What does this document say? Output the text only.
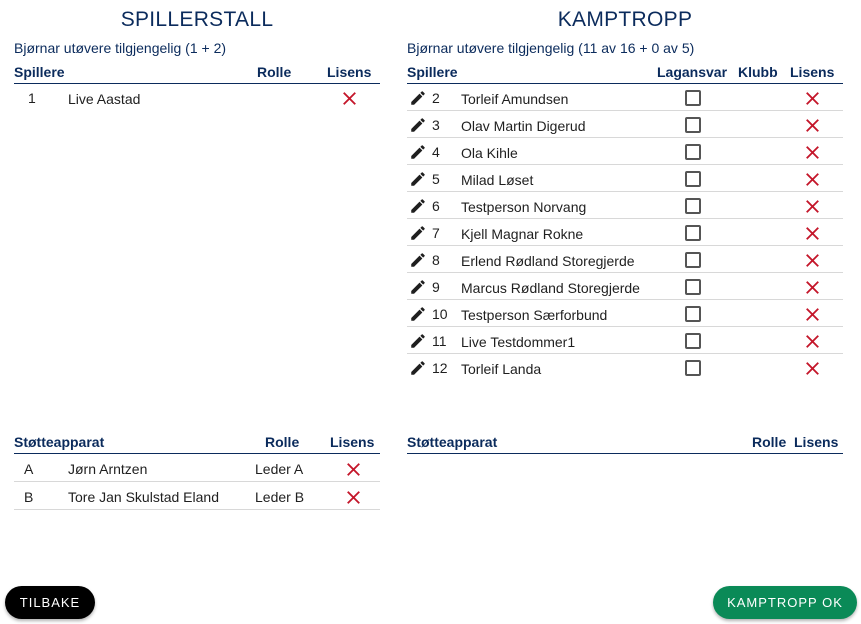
SPILLERSTALL
Bjørnar utøvere tilgjengelig (1 + 2)
Spillere	Rolle	Lisens
1 Live Aastad
Støtteapparat	Rolle Lisens
A Jørn Arntzen	Leder A
B Tore Jan Skulstad Eland	Leder B
KAMPTROPP
Bjørnar utøvere tilgjengelig (11 av 16 + 0 av 5)
Spillere	Lagansvar Klubb Lisens
2 Torleif Amundsen
3 Olav Martin Digerud
4 Ola Kihle
5 Milad Løset
6 Testperson Norvang
7 Kjell Magnar Rokne
8 Erlend Rødland Storegjerde
9 Marcus Rødland Storegjerde
10 Testperson Særforbund
11 Live Testdommer1
12 Torleif Landa
Støtteapparat	Rolle Lisens
TILBAKE	KAMPTROPP OK
